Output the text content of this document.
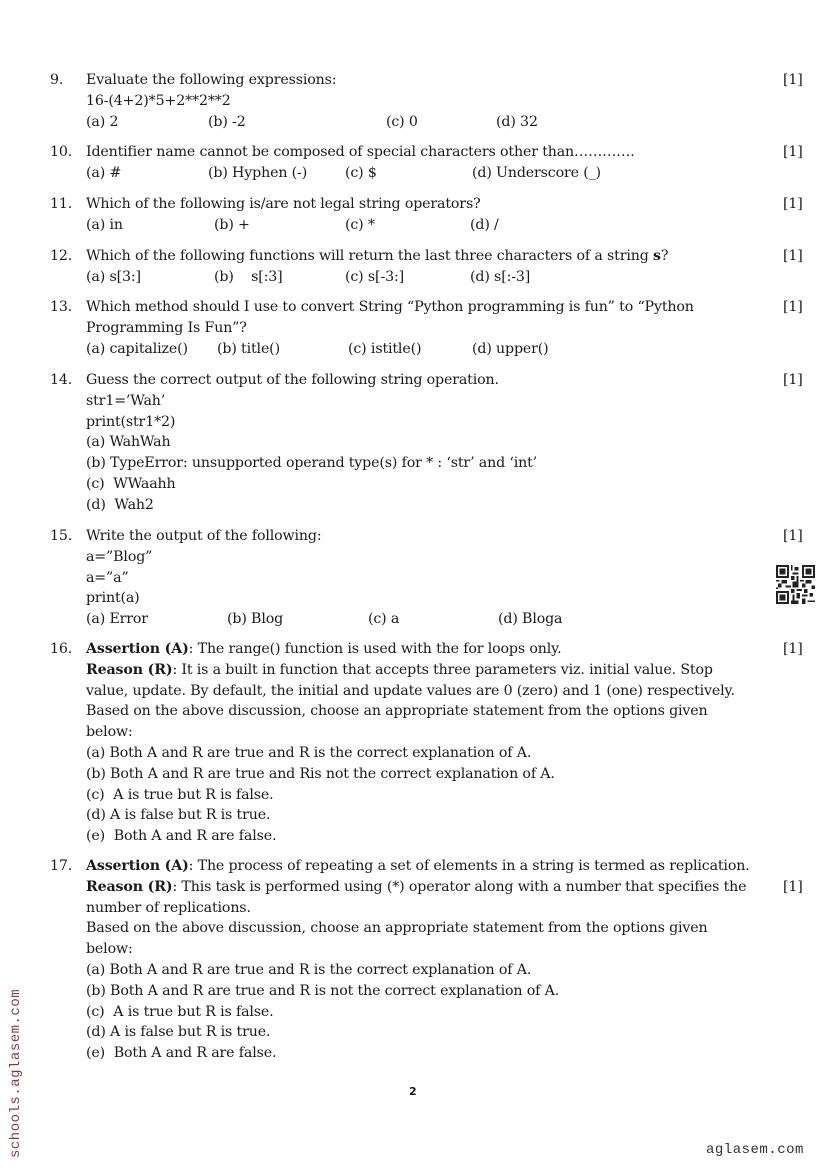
9. Evaluate the following expressions:
16-(4+2)*5+2**2**2
(a) 2	(b) -2	(c) 0	(d) 32
[1]
10. Identifier name cannot be composed of special characters other than………….
(a) #	(b) Hyphen (-)	(c) $	(d) Underscore (_)
[1]
11. Which of the following is/are not legal string operators?
(a) in	(b) +	(c) *	(d) /
[1]
12. Which of the following functions will return the last three characters of a string s?
(a) s[3:]	(b)    s[:3]	(c) s[-3:]	(d) s[:-3]
[1]
13. Which method should I use to convert String “Python programming is fun” to “Python
Programming Is Fun”?
(a) capitalize() (b) title()	(c) istitle()	(d) upper()
[1]
14. Guess the correct output of the following string operation.
str1=’Wah’
print(str1*2)
(a) WahWah
(b) TypeError: unsupported operand type(s) for * : ‘str’ and ‘int’
(c)  WWaahh
(d)  Wah2
[1]
15. Write the output of the following:
a=”Blog”
a=”a”
print(a)
(a) Error	(b) Blog	(c) a	(d) Bloga
[1]
16. Assertion (A): The range() function is used with the for loops only.
Reason (R): It is a built in function that accepts three parameters viz. initial value. Stop
value, update. By default, the initial and update values are 0 (zero) and 1 (one) respectively.
Based on the above discussion, choose an appropriate statement from the options given
below:
(a) Both A and R are true and R is the correct explanation of A.
(b) Both A and R are true and Ris not the correct explanation of A.
(c)  A is true but R is false.
(d) A is false but R is true.
(e)  Both A and R are false.
[1]
17. Assertion (A): The process of repeating a set of elements in a string is termed as replication.
Reason (R): This task is performed using (*) operator along with a number that specifies the
number of replications.
Based on the above discussion, choose an appropriate statement from the options given
below:
(a) Both A and R are true and R is the correct explanation of A.
(b) Both A and R are true and R is not the correct explanation of A.
(c)  A is true but R is false.
(d) A is false but R is true.
(e)  Both A and R are false.
[1]
2
schools.aglasem.com	aglasem.com
